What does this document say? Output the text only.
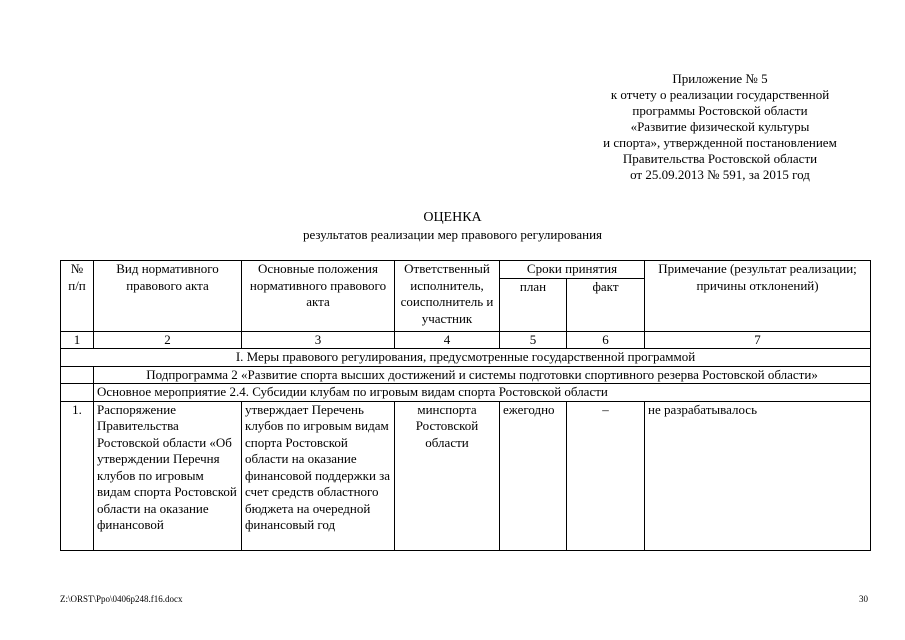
Приложение № 5
к отчету о реализации государственной
программы Ростовской области
«Развитие физической культуры
и спорта», утвержденной постановлением
Правительства Ростовской области
от 25.09.2013 № 591, за 2015 год
ОЦЕНКА
результатов реализации мер правового регулирования
№ п/п	Вид нормативного правового акта	Основные положения нормативного правового акта	Ответственный исполнитель, соисполнитель и участник	Сроки принятия		Примечание (результат реализации; причины отклонений)
				план	факт	
1	2	3	4	5	6	7
I. Меры правового регулирования, предусмотренные государственной программой						
	Подпрограмма 2 «Развитие спорта высших достижений и системы подготовки спортивного резерва Ростовской области»					
	Основное мероприятие 2.4. Субсидии клубам по игровым видам спорта Ростовской области					

1.	Распоряжение Правительства Ростовской области «Об утверждении Перечня клубов по игровым видам спорта Ростовской области на оказание финансовой	утверждает Перечень клубов по игровым видам спорта Ростовской области на оказание финансовой поддержки за счет средств областного бюджета на очередной финансовый год	минспорта Ростовской области	ежегодно	–	не разрабатывалось
Z:\ORST\Ppo\0406p248.f16.docx	30
